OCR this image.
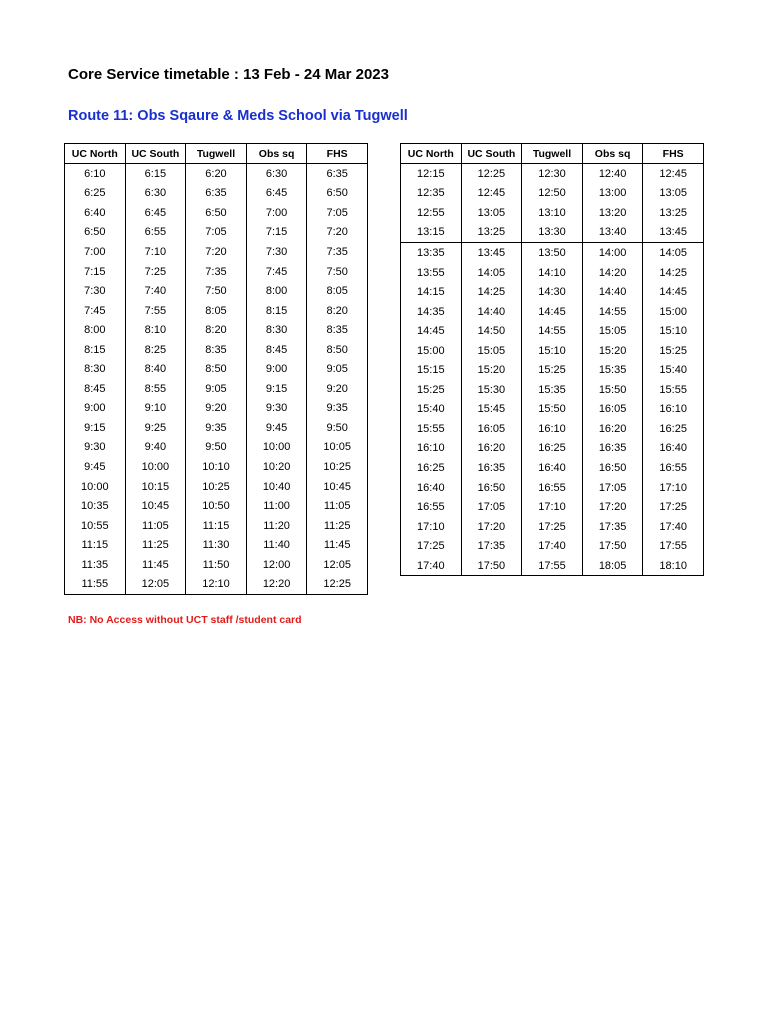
Core Service timetable : 13 Feb - 24 Mar 2023
Route 11: Obs Sqaure & Meds School via Tugwell
UC North	UC South	Tugwell	Obs sq	FHS
6:10	6:15	6:20	6:30	6:35
6:25	6:30	6:35	6:45	6:50
6:40	6:45	6:50	7:00	7:05
6:50	6:55	7:05	7:15	7:20
7:00	7:10	7:20	7:30	7:35
7:15	7:25	7:35	7:45	7:50
7:30	7:40	7:50	8:00	8:05
7:45	7:55	8:05	8:15	8:20
8:00	8:10	8:20	8:30	8:35
8:15	8:25	8:35	8:45	8:50
8:30	8:40	8:50	9:00	9:05
8:45	8:55	9:05	9:15	9:20
9:00	9:10	9:20	9:30	9:35
9:15	9:25	9:35	9:45	9:50
9:30	9:40	9:50	10:00	10:05
9:45	10:00	10:10	10:20	10:25
10:00	10:15	10:25	10:40	10:45
10:35	10:45	10:50	11:00	11:05
10:55	11:05	11:15	11:20	11:25
11:15	11:25	11:30	11:40	11:45
11:35	11:45	11:50	12:00	12:05
11:55	12:05	12:10	12:20	12:25
UC North	UC South	Tugwell	Obs sq	FHS
12:15	12:25	12:30	12:40	12:45
12:35	12:45	12:50	13:00	13:05
12:55	13:05	13:10	13:20	13:25
13:15	13:25	13:30	13:40	13:45
13:35	13:45	13:50	14:00	14:05
13:55	14:05	14:10	14:20	14:25
14:15	14:25	14:30	14:40	14:45
14:35	14:40	14:45	14:55	15:00
14:45	14:50	14:55	15:05	15:10
15:00	15:05	15:10	15:20	15:25
15:15	15:20	15:25	15:35	15:40
15:25	15:30	15:35	15:50	15:55
15:40	15:45	15:50	16:05	16:10
15:55	16:05	16:10	16:20	16:25
16:10	16:20	16:25	16:35	16:40
16:25	16:35	16:40	16:50	16:55
16:40	16:50	16:55	17:05	17:10
16:55	17:05	17:10	17:20	17:25
17:10	17:20	17:25	17:35	17:40
17:25	17:35	17:40	17:50	17:55
17:40	17:50	17:55	18:05	18:10
NB: No Access without UCT staff /student card
